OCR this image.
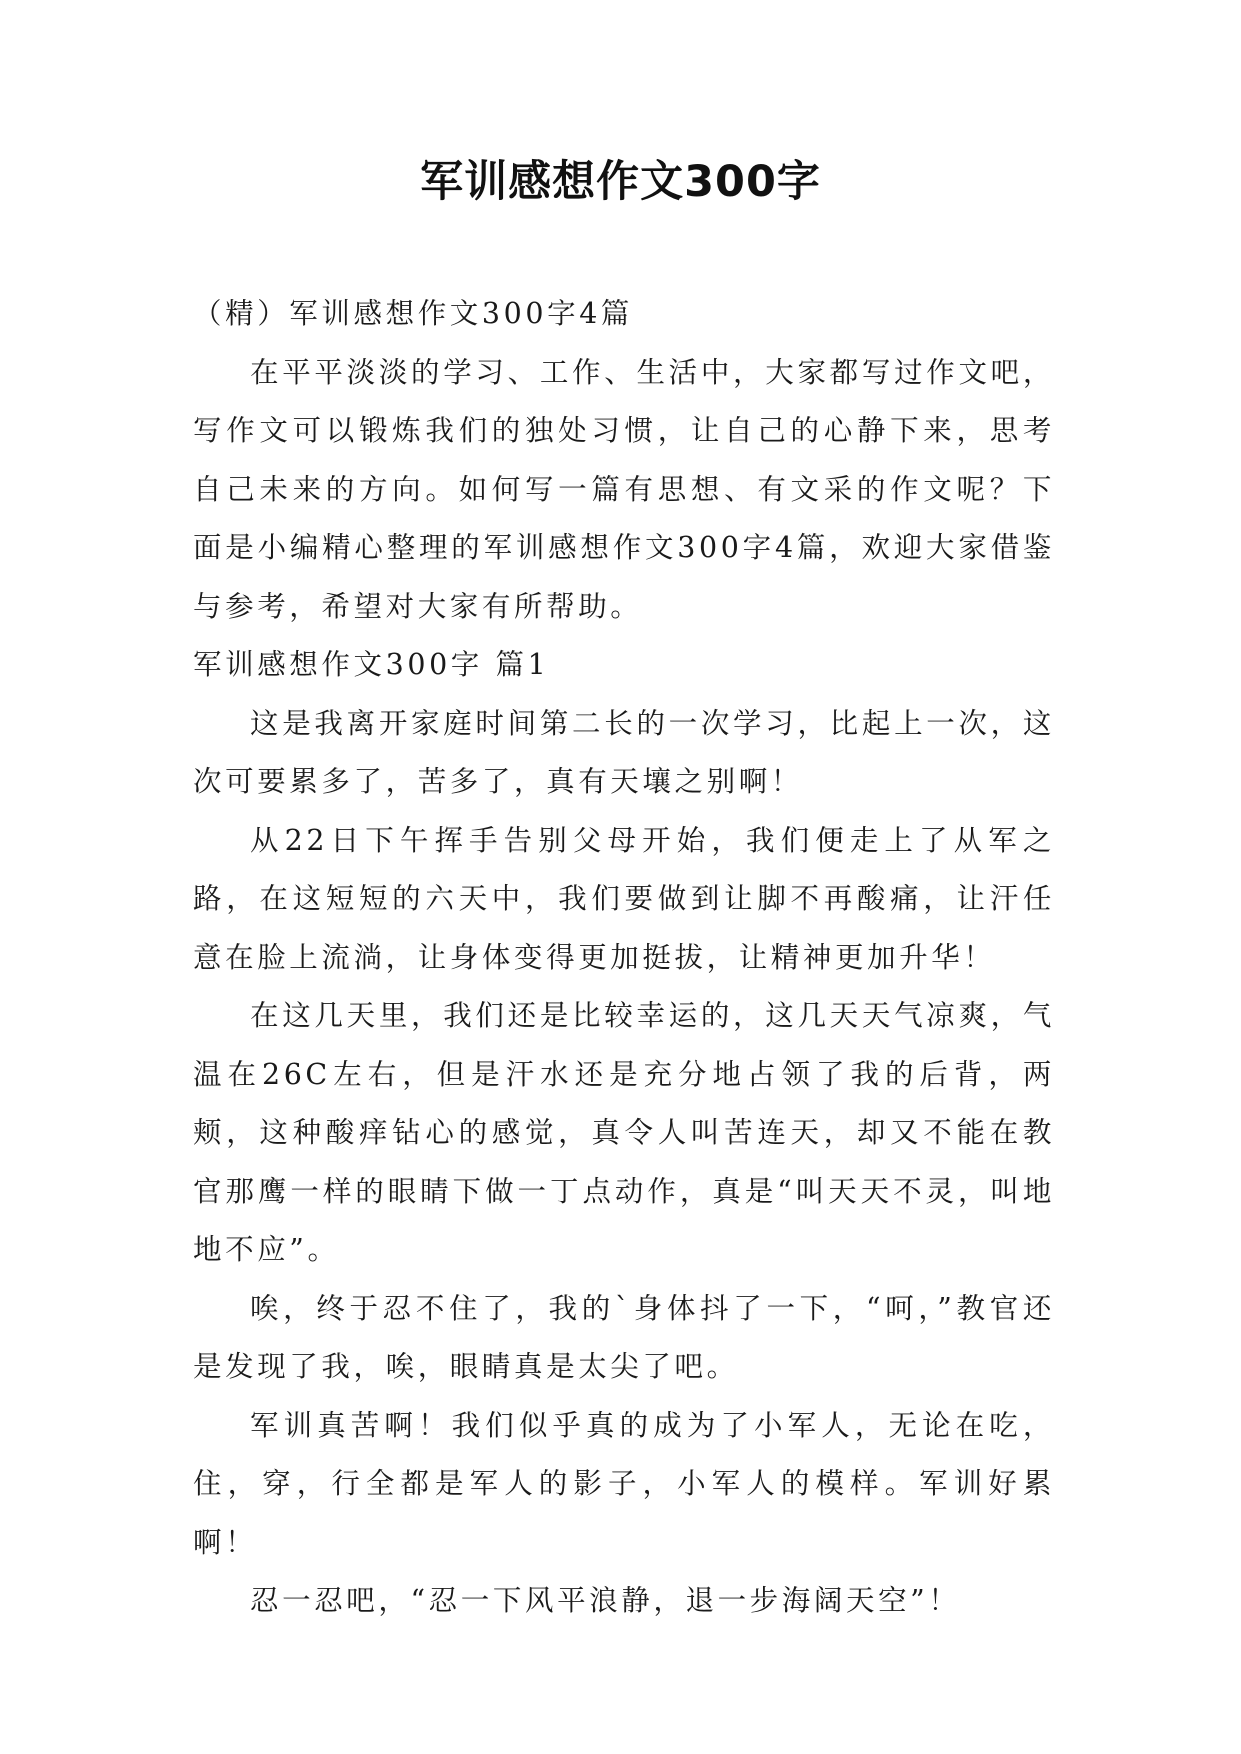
军训感想作文300字

（精）军训感想作文300字4篇

在平平淡淡的学习、工作、生活中，大家都写过作文吧，写作文可以锻炼我们的独处习惯，让自己的心静下来，思考自己未来的方向。如何写一篇有思想、有文采的作文呢？下面是小编精心整理的军训感想作文300字4篇，欢迎大家借鉴与参考，希望对大家有所帮助。

军训感想作文300字 篇1

这是我离开家庭时间第二长的一次学习，比起上一次，这次可要累多了，苦多了，真有天壤之别啊！

从22日下午挥手告别父母开始，我们便走上了从军之路，在这短短的六天中，我们要做到让脚不再酸痛，让汗任意在脸上流淌，让身体变得更加挺拔，让精神更加升华！

在这几天里，我们还是比较幸运的，这几天天气凉爽，气温在26C左右，但是汗水还是充分地占领了我的后背，两颊，这种酸痒钻心的感觉，真令人叫苦连天，却又不能在教官那鹰一样的眼睛下做一丁点动作，真是“叫天天不灵，叫地地不应”。

唉，终于忍不住了，我的`身体抖了一下，“呵，”教官还是发现了我，唉，眼睛真是太尖了吧。

军训真苦啊！我们似乎真的成为了小军人，无论在吃，住，穿，行全都是军人的影子，小军人的模样。军训好累啊！

忍一忍吧，“忍一下风平浪静，退一步海阔天空”！
